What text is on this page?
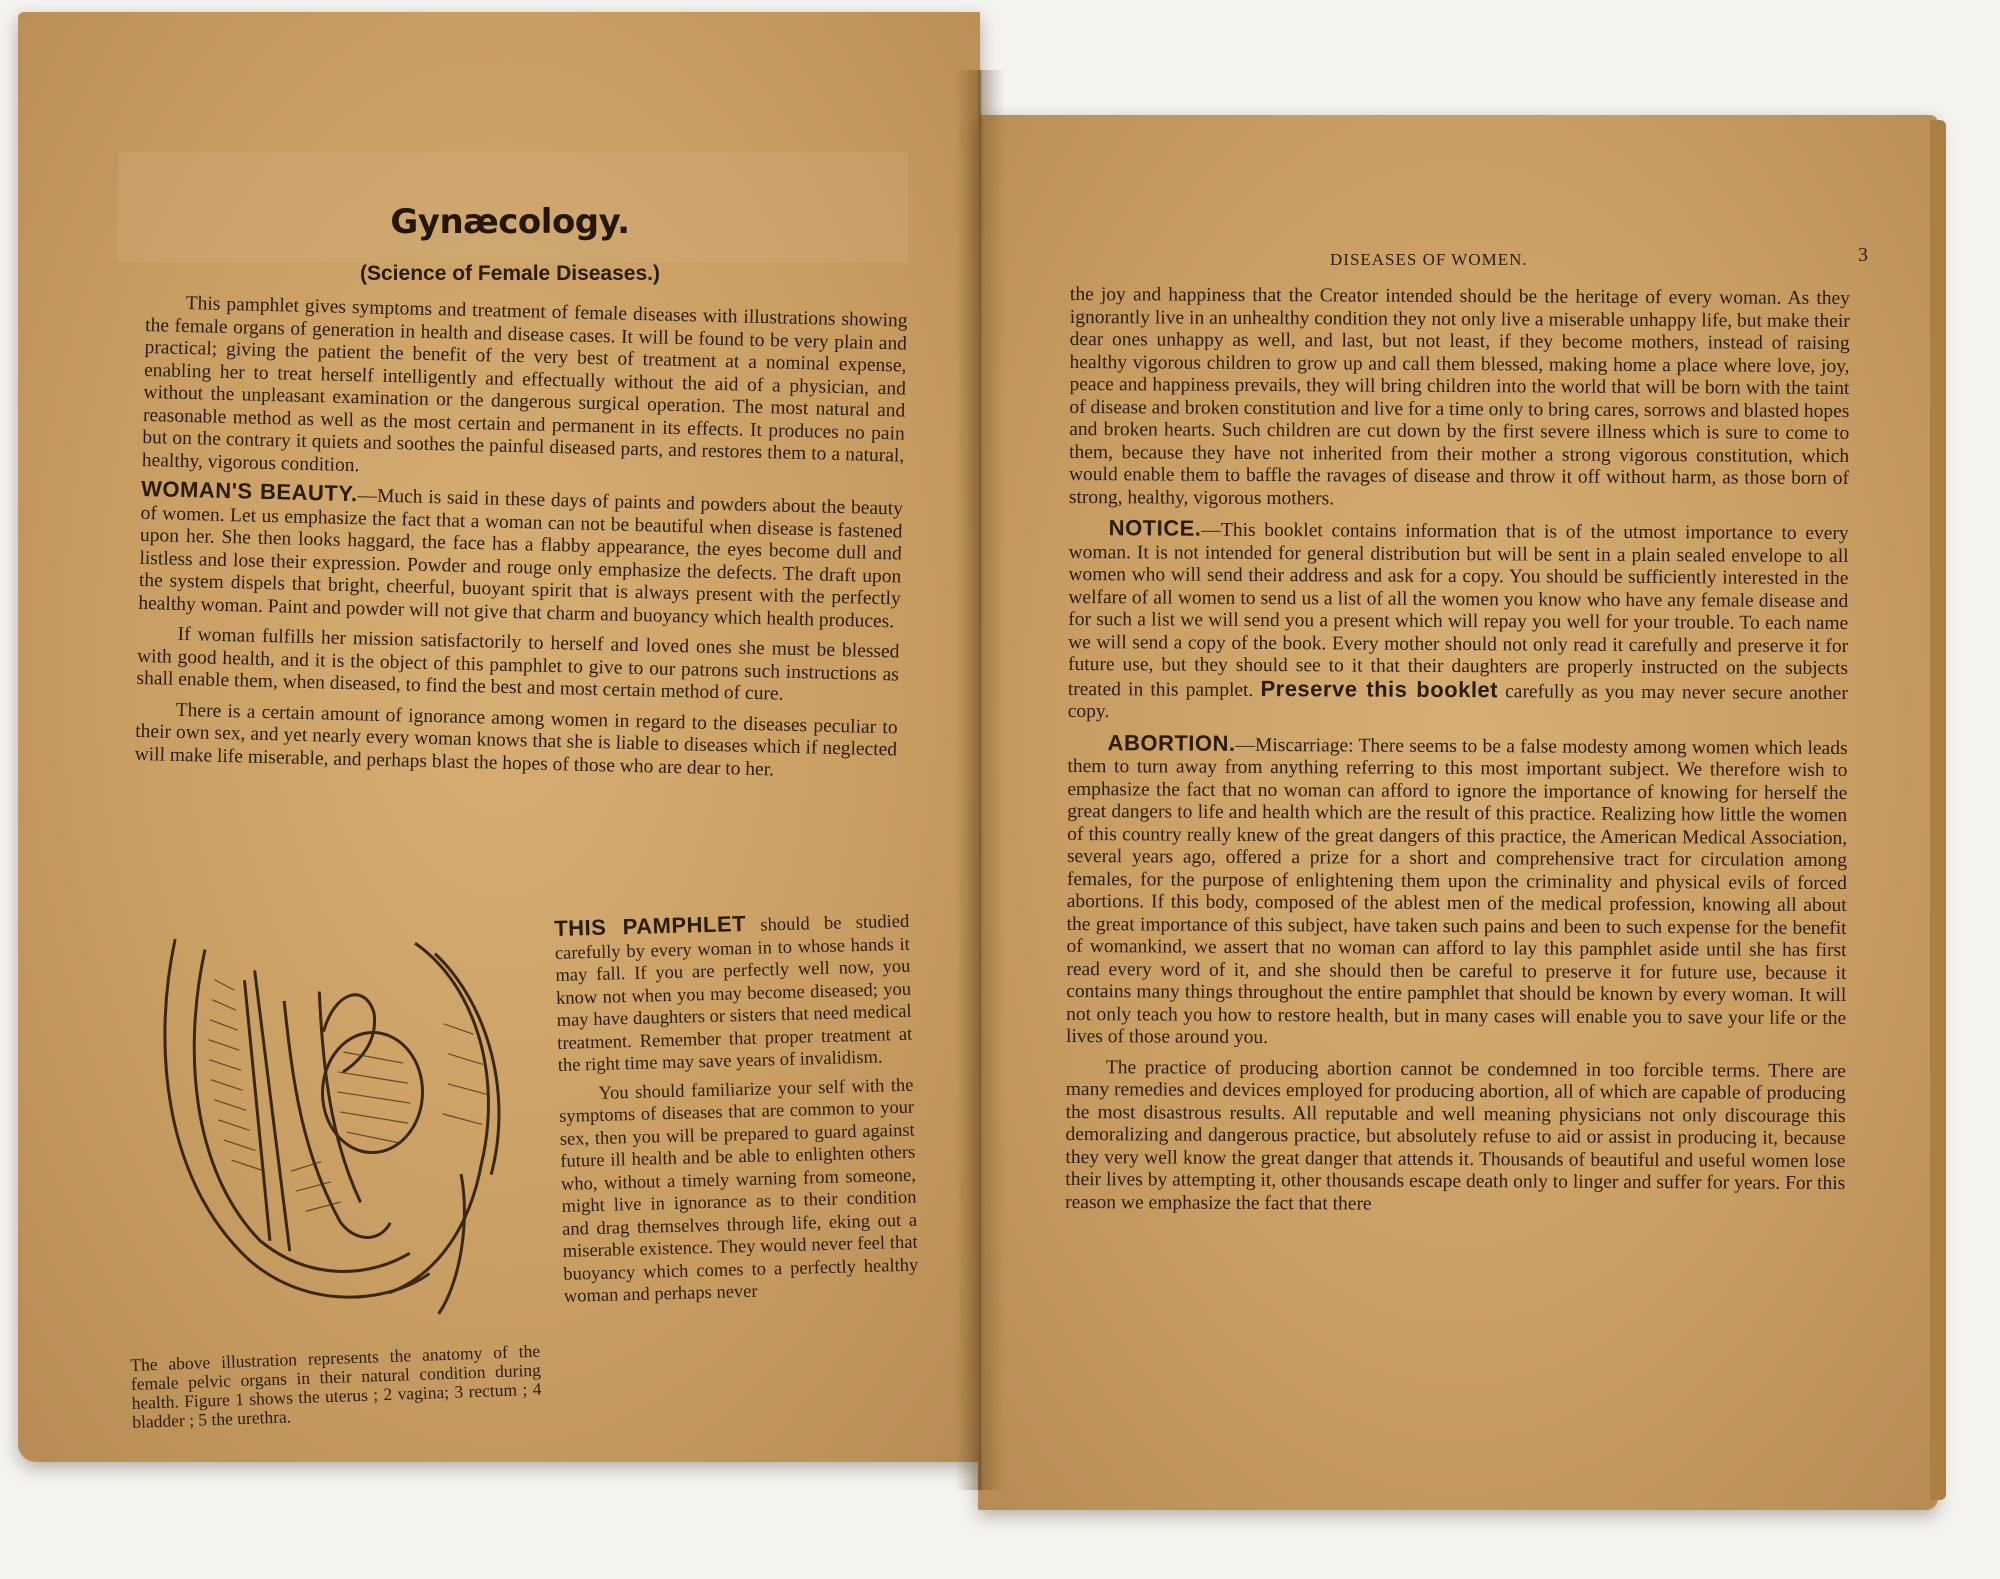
Gynæcology.
(Science of Female Diseases.)

This pamphlet gives symptoms and treatment of female diseases with illustrations showing the female organs of generation in health and disease cases. It will be found to be very plain and practical; giving the patient the benefit of the very best of treatment at a nominal expense, enabling her to treat herself intelligently and effectually without the aid of a physician, and without the unpleasant examination or the dangerous surgical operation. The most natural and reasonable method as well as the most certain and permanent in its effects. It produces no pain but on the contrary it quiets and soothes the painful diseased parts, and restores them to a natural, healthy, vigorous condition.

WOMAN'S BEAUTY.—Much is said in these days of paints and powders about the beauty of women. Let us emphasize the fact that a woman can not be beautiful when disease is fastened upon her. She then looks haggard, the face has a flabby appearance, the eyes become dull and listless and lose their expression. Powder and rouge only emphasize the defects. The draft upon the system dispels that bright, cheerful, buoyant spirit that is always present with the perfectly healthy woman. Paint and powder will not give that charm and buoyancy which health produces.

If woman fulfills her mission satisfactorily to herself and loved ones she must be blessed with good health, and it is the object of this pamphlet to give to our patrons such instructions as shall enable them, when diseased, to find the best and most certain method of cure.

There is a certain amount of ignorance among women in regard to the diseases peculiar to their own sex, and yet nearly every woman knows that she is liable to diseases which if neglected will make life miserable, and perhaps blast the hopes of those who are dear to her.

The above illustration represents the anatomy of the female pelvic organs in their natural condition during health. Figure 1 shows the uterus ; 2 vagina; 3 rectum ; 4 bladder ; 5 the urethra.

THIS PAMPHLET should be studied carefully by every woman in to whose hands it may fall. If you are perfectly well now, you know not when you may become diseased; you may have daughters or sisters that need medical treatment. Remember that proper treatment at the right time may save years of invalidism.

You should familiarize your self with the symptoms of diseases that are common to your sex, then you will be prepared to guard against future ill health and be able to enlighten others who, without a timely warning from someone, might live in ignorance as to their condition and drag themselves through life, eking out a miserable existence. They would never feel that buoyancy which comes to a perfectly healthy woman and perhaps never

DISEASES OF WOMEN.	3

the joy and happiness that the Creator intended should be the heritage of every woman. As they ignorantly live in an unhealthy condition they not only live a miserable unhappy life, but make their dear ones unhappy as well, and last, but not least, if they become mothers, instead of raising healthy vigorous children to grow up and call them blessed, making home a place where love, joy, peace and happiness prevails, they will bring children into the world that will be born with the taint of disease and broken constitution and live for a time only to bring cares, sorrows and blasted hopes and broken hearts. Such children are cut down by the first severe illness which is sure to come to them, because they have not inherited from their mother a strong vigorous constitution, which would enable them to baffle the ravages of disease and throw it off without harm, as those born of strong, healthy, vigorous mothers.

NOTICE.—This booklet contains information that is of the utmost importance to every woman. It is not intended for general distribution but will be sent in a plain sealed envelope to all women who will send their address and ask for a copy. You should be sufficiently interested in the welfare of all women to send us a list of all the women you know who have any female disease and for such a list we will send you a present which will repay you well for your trouble. To each name we will send a copy of the book. Every mother should not only read it carefully and preserve it for future use, but they should see to it that their daughters are properly instructed on the subjects treated in this pamplet. Preserve this booklet carefully as you may never secure another copy.

ABORTION.—Miscarriage: There seems to be a false modesty among women which leads them to turn away from anything referring to this most important subject. We therefore wish to emphasize the fact that no woman can afford to ignore the importance of knowing for herself the great dangers to life and health which are the result of this practice. Realizing how little the women of this country really knew of the great dangers of this practice, the American Medical Association, several years ago, offered a prize for a short and comprehensive tract for circulation among females, for the purpose of enlightening them upon the criminality and physical evils of forced abortions. If this body, composed of the ablest men of the medical profession, knowing all about the great importance of this subject, have taken such pains and been to such expense for the benefit of womankind, we assert that no woman can afford to lay this pamphlet aside until she has first read every word of it, and she should then be careful to preserve it for future use, because it contains many things throughout the entire pamphlet that should be known by every woman. It will not only teach you how to restore health, but in many cases will enable you to save your life or the lives of those around you.

The practice of producing abortion cannot be condemned in too forcible terms. There are many remedies and devices employed for producing abortion, all of which are capable of producing the most disastrous results. All reputable and well meaning physicians not only discourage this demoralizing and dangerous practice, but absolutely refuse to aid or assist in producing it, because they very well know the great danger that attends it. Thousands of beautiful and useful women lose their lives by attempting it, other thousands escape death only to linger and suffer for years. For this reason we emphasize the fact that there
